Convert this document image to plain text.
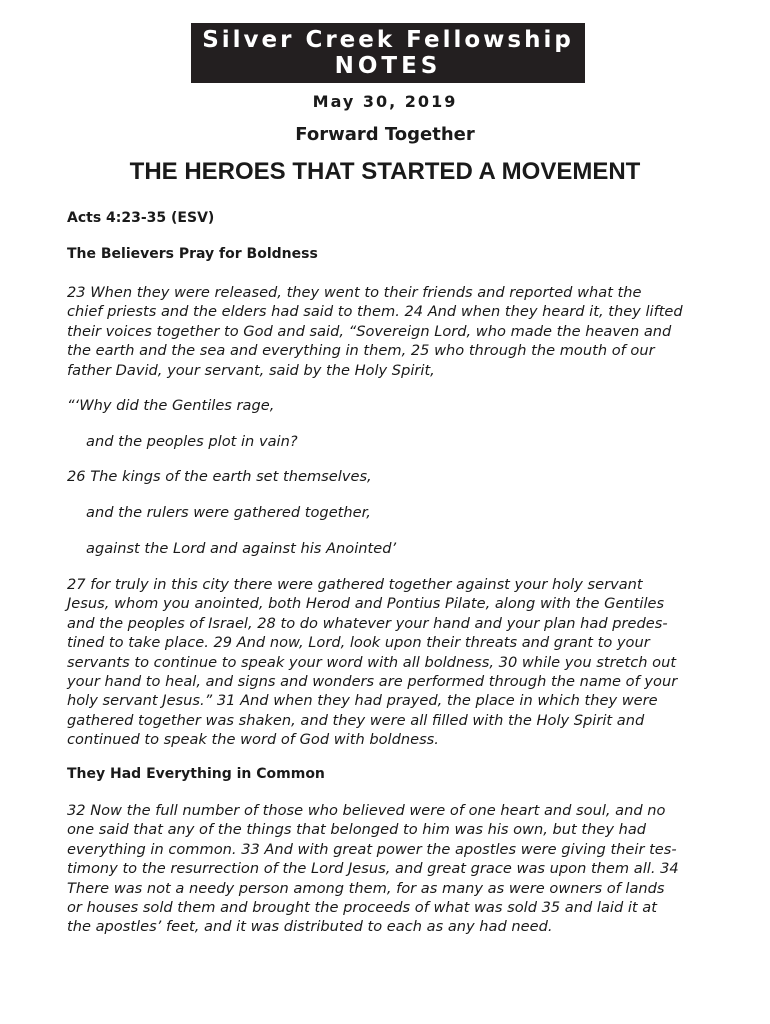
Silver Creek Fellowship
NOTES
May 30, 2019
Forward Together
THE HEROES THAT STARTED A MOVEMENT
Acts 4:23-35 (ESV)
The Believers Pray for Boldness
23 When they were released, they went to their friends and reported what the
chief priests and the elders had said to them. 24 And when they heard it, they lifted
their voices together to God and said, “Sovereign Lord, who made the heaven and
the earth and the sea and everything in them, 25 who through the mouth of our
father David, your servant, said by the Holy Spirit,
“‘Why did the Gentiles rage,
and the peoples plot in vain?
26 The kings of the earth set themselves,
and the rulers were gathered together,
against the Lord and against his Anointed’
27 for truly in this city there were gathered together against your holy servant
Jesus, whom you anointed, both Herod and Pontius Pilate, along with the Gentiles
and the peoples of Israel, 28 to do whatever your hand and your plan had predes-
tined to take place. 29 And now, Lord, look upon their threats and grant to your
servants to continue to speak your word with all boldness, 30 while you stretch out
your hand to heal, and signs and wonders are performed through the name of your
holy servant Jesus.” 31 And when they had prayed, the place in which they were
gathered together was shaken, and they were all filled with the Holy Spirit and
continued to speak the word of God with boldness.
They Had Everything in Common
32 Now the full number of those who believed were of one heart and soul, and no
one said that any of the things that belonged to him was his own, but they had
everything in common. 33 And with great power the apostles were giving their tes-
timony to the resurrection of the Lord Jesus, and great grace was upon them all. 34
There was not a needy person among them, for as many as were owners of lands
or houses sold them and brought the proceeds of what was sold 35 and laid it at
the apostles’ feet, and it was distributed to each as any had need.
